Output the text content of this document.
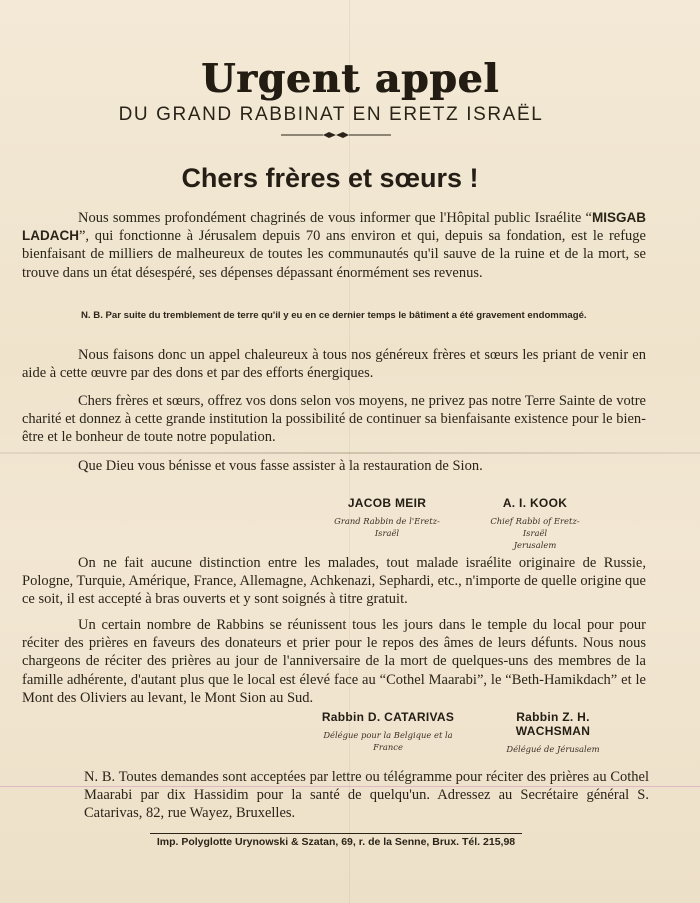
Urgent appel
DU GRAND RABBINAT EN ERETZ ISRAËL
Chers frères et sœurs !
Nous sommes profondément chagrinés de vous informer que l'Hôpital public Israélite “MISGAB LADACH”, qui fonctionne à Jérusalem depuis 70 ans environ et qui, depuis sa fondation, est le refuge bienfaisant de milliers de malheureux de toutes les communautés qu'il sauve de la ruine et de la mort, se trouve dans un état désespéré, ses dépenses dépassant énormément ses revenus.
N. B. Par suite du tremblement de terre qu'il y eu en ce dernier temps le bâtiment a été gravement endommagé.
Nous faisons donc un appel chaleureux à tous nos généreux frères et sœurs les priant de venir en aide à cette œuvre par des dons et par des efforts énergiques.
Chers frères et sœurs, offrez vos dons selon vos moyens, ne privez pas notre Terre Sainte de votre charité et donnez à cette grande institution la possibilité de continuer sa bienfaisante existence pour le bien-être et le bonheur de toute notre population.
Que Dieu vous bénisse et vous fasse assister à la restauration de Sion.
JACOB MEIR
Grand Rabbin de l'Eretz-Israël
A. I. KOOK
Chief Rabbi of Eretz-Israël
Jerusalem
On ne fait aucune distinction entre les malades, tout malade israélite originaire de Russie, Pologne, Turquie, Amérique, France, Allemagne, Achkenazi, Sephardi, etc., n'importe de quelle origine que ce soit, il est accepté à bras ouverts et y sont soignés à titre gratuit.
Un certain nombre de Rabbins se réunissent tous les jours dans le temple du local pour pour réciter des prières en faveurs des donateurs et prier pour le repos des âmes de leurs défunts. Nous nous chargeons de réciter des prières au jour de l'anniversaire de la mort de quelques-uns des membres de la famille adhérente, d'autant plus que le local est élevé face au “Cothel Maarabi”, le “Beth-Hamikdach” et le Mont des Oliviers au levant, le Mont Sion au Sud.
Rabbin D. CATARIVAS
Délégue pour la Belgique et la
France
Rabbin Z. H. WACHSMAN
Délégué de Jérusalem
N. B. Toutes demandes sont acceptées par lettre ou télégramme pour réciter des prières au Cothel Maarabi par dix Hassidim pour la santé de quelqu'un. Adressez au Secrétaire général S. Catarivas, 82, rue Wayez, Bruxelles.
Imp. Polyglotte Urynowski & Szatan, 69, r. de la Senne, Brux. Tél. 215,98
